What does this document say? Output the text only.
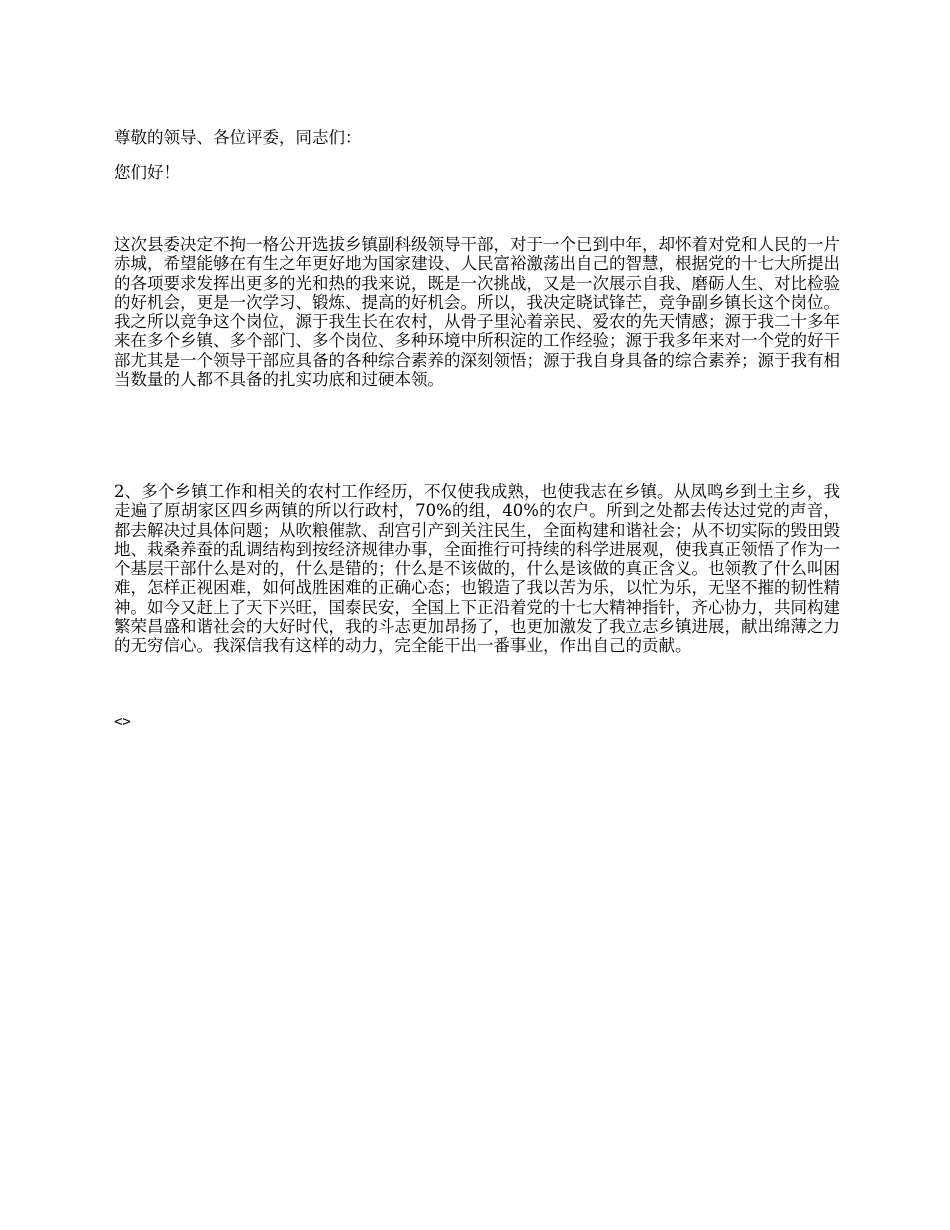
尊敬的领导、各位评委，同志们：
您们好！
这次县委决定不拘一格公开选拔乡镇副科级领导干部，对于一个已到中年，却怀着对党和人民的一片赤城，希望能够在有生之年更好地为国家建设、人民富裕激荡出自己的智慧，根据党的十七大所提出的各项要求发挥出更多的光和热的我来说，既是一次挑战，又是一次展示自我、磨砺人生、对比检验的好机会，更是一次学习、锻炼、提高的好机会。所以，我决定晓试锋芒，竞争副乡镇长这个岗位。我之所以竞争这个岗位，源于我生长在农村，从骨子里沁着亲民、爱农的先天情感；源于我二十多年来在多个乡镇、多个部门、多个岗位、多种环境中所积淀的工作经验；源于我多年来对一个党的好干部尤其是一个领导干部应具备的各种综合素养的深刻领悟；源于我自身具备的综合素养；源于我有相当数量的人都不具备的扎实功底和过硬本领。
2、多个乡镇工作和相关的农村工作经历，不仅使我成熟，也使我志在乡镇。从凤鸣乡到土主乡，我走遍了原胡家区四乡两镇的所以行政村，70%的组，40%的农户。所到之处都去传达过党的声音，都去解决过具体问题；从吹粮催款、刮宫引产到关注民生，全面构建和谐社会；从不切实际的毁田毁地、栽桑养蚕的乱调结构到按经济规律办事，全面推行可持续的科学进展观，使我真正领悟了作为一个基层干部什么是对的，什么是错的；什么是不该做的，什么是该做的真正含义。也领教了什么叫困难，怎样正视困难，如何战胜困难的正确心态；也锻造了我以苦为乐，以忙为乐，无坚不摧的韧性精神。如今又赶上了天下兴旺，国泰民安，全国上下正沿着党的十七大精神指针，齐心协力，共同构建繁荣昌盛和谐社会的大好时代，我的斗志更加昂扬了，也更加激发了我立志乡镇进展，献出绵薄之力的无穷信心。我深信我有这样的动力，完全能干出一番事业，作出自己的贡献。
<>
